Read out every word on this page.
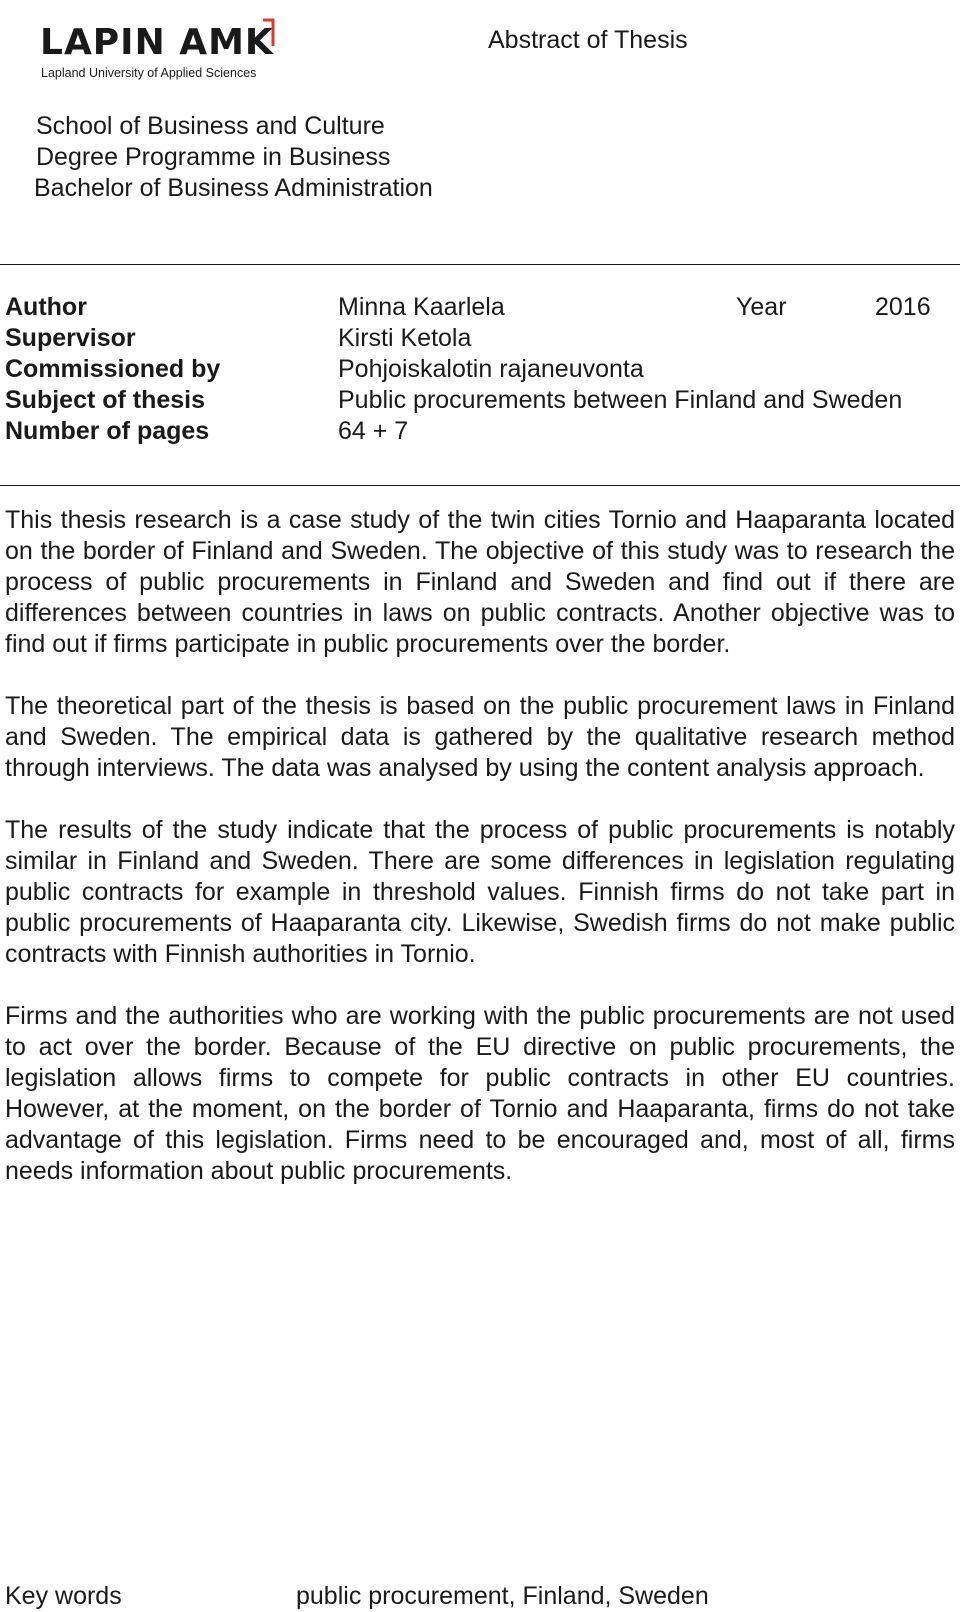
LAPIN AMK
Lapland University of Applied Sciences
Abstract of Thesis
School of Business and Culture
Degree Programme in Business
Bachelor of Business Administration
Author	Minna Kaarlela	Year	2016
Supervisor	Kirsti Ketola
Commissioned by	Pohjoiskalotin rajaneuvonta
Subject of thesis	Public procurements between Finland and Sweden
Number of pages	64 + 7

This thesis research is a case study of the twin cities Tornio and Haaparanta located on the border of Finland and Sweden. The objective of this study was to research the process of public procurements in Finland and Sweden and find out if there are differences between countries in laws on public contracts. Another objective was to find out if firms participate in public procurements over the border.

The theoretical part of the thesis is based on the public procurement laws in Finland and Sweden. The empirical data is gathered by the qualitative research method through interviews. The data was analysed by using the content analysis approach.

The results of the study indicate that the process of public procurements is notably similar in Finland and Sweden. There are some differences in legislation regulating public contracts for example in threshold values. Finnish firms do not take part in public procurements of Haaparanta city. Likewise, Swedish firms do not make public contracts with Finnish authorities in Tornio.

Firms and the authorities who are working with the public procurements are not used to act over the border. Because of the EU directive on public procurements, the legislation allows firms to compete for public contracts in other EU countries. However, at the moment, on the border of Tornio and Haaparanta, firms do not take advantage of this legislation. Firms need to be encouraged and, most of all, firms needs information about public procurements.

Key words	public procurement, Finland, Sweden
